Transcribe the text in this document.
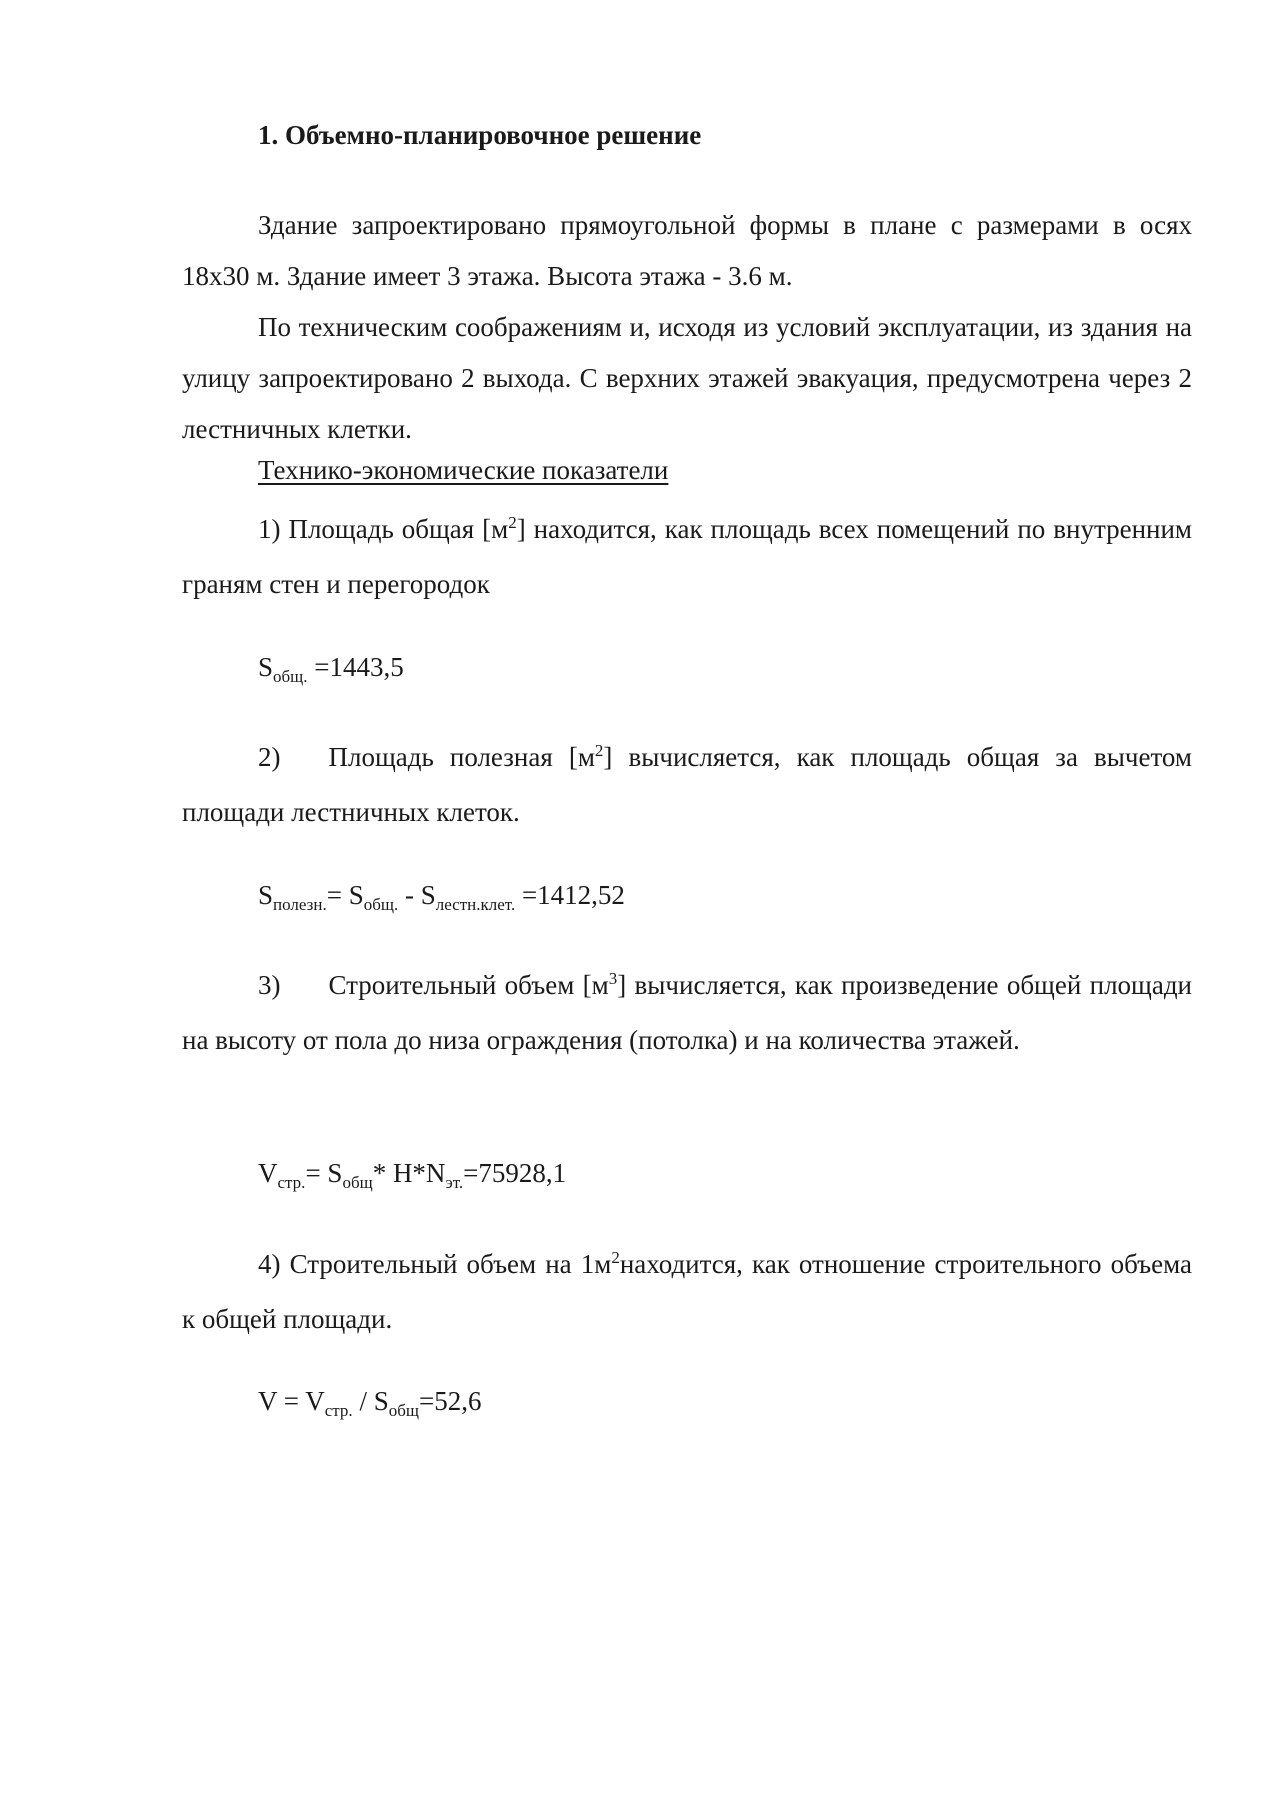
1. Объемно-планировочное решение

Здание запроектировано прямоугольной формы в плане с размерами в осях 18x30 м. Здание имеет 3 этажа. Высота этажа - 3.6 м.

По техническим соображениям и, исходя из условий эксплуатации, из здания на улицу запроектировано 2 выхода. С верхних этажей эвакуация, предусмотрена через 2 лестничных клетки.

Технико-экономические показатели

1) Площадь общая $[м^2]$ находится, как площадь всех помещений по внутренним граням стен и перегородок

$S_{общ.} =1443,5$

2) Площадь полезная $[м^2]$ вычисляется, как площадь общая за вычетом площади лестничных клеток.

$S_{полезн.}= S_{общ.} - S_{лестн.клет.} =1412,52$

3) Строительный объем $[м^3]$ вычисляется, как произведение общей площади на высоту от пола до низа ограждения (потолка) и на количества этажей.

$V_{стр.}= S_{общ}*$ $H*N_{эт.}=75928,1$

4) Строительный объем на $1м^2находится$, как отношение строительного объема к общей площади.

$V = V_{стр.} / S_{общ}=52,6$
